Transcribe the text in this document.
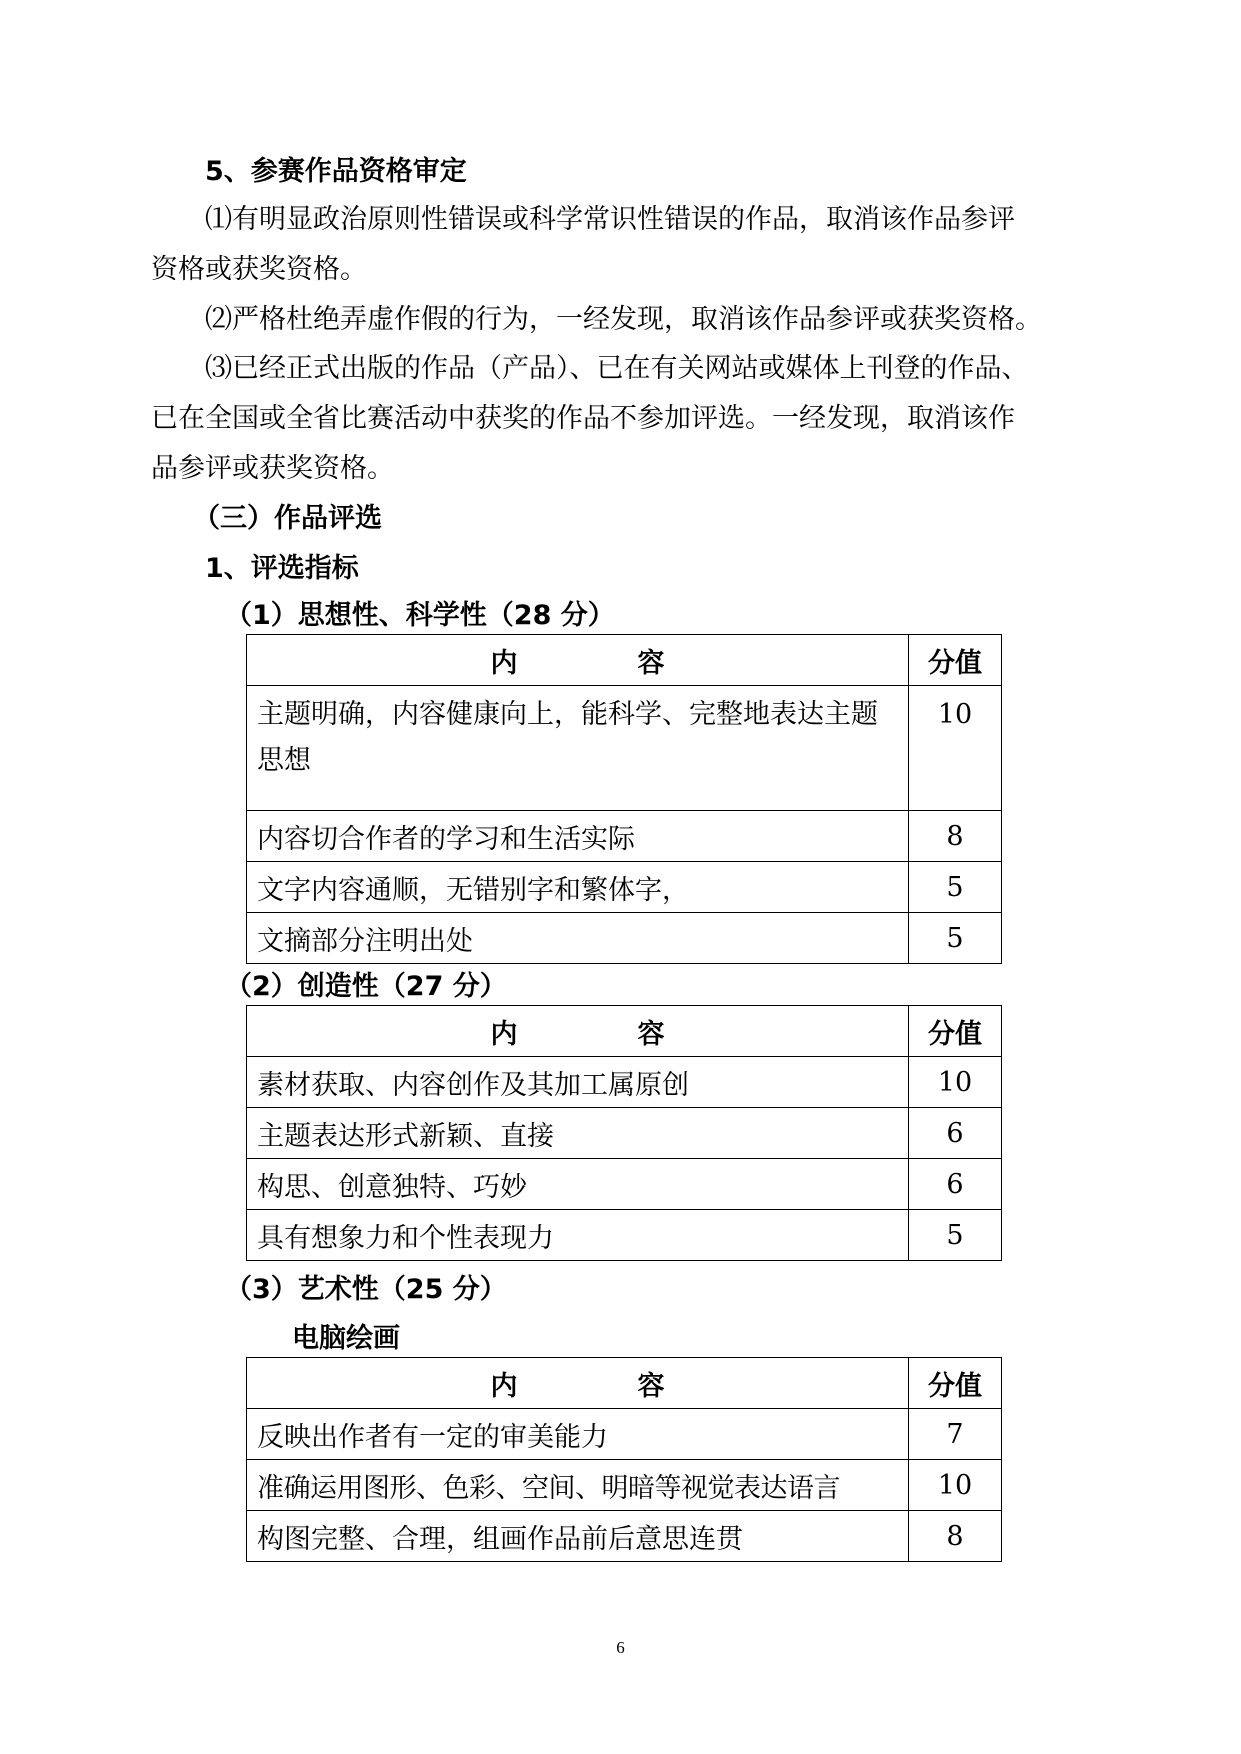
5、参赛作品资格审定
⑴有明显政治原则性错误或科学常识性错误的作品，取消该作品参评
资格或获奖资格。
⑵严格杜绝弄虚作假的行为，一经发现，取消该作品参评或获奖资格。
⑶已经正式出版的作品（产品）、已在有关网站或媒体上刊登的作品、
已在全国或全省比赛活动中获奖的作品不参加评选。一经发现，取消该作
品参评或获奖资格。
（三）作品评选
1、评选指标
（1）思想性、科学性（28 分）
内 容	分值
主题明确，内容健康向上，能科学、完整地表达主题思想	10
内容切合作者的学习和生活实际	8
文字内容通顺，无错别字和繁体字，	5
文摘部分注明出处	5
（2）创造性（27 分）
内 容	分值
素材获取、内容创作及其加工属原创	10
主题表达形式新颖、直接	6
构思、创意独特、巧妙	6
具有想象力和个性表现力	5
（3）艺术性（25 分）
电脑绘画
内 容	分值
反映出作者有一定的审美能力	7
准确运用图形、色彩、空间、明暗等视觉表达语言	10
构图完整、合理，组画作品前后意思连贯	8
6
